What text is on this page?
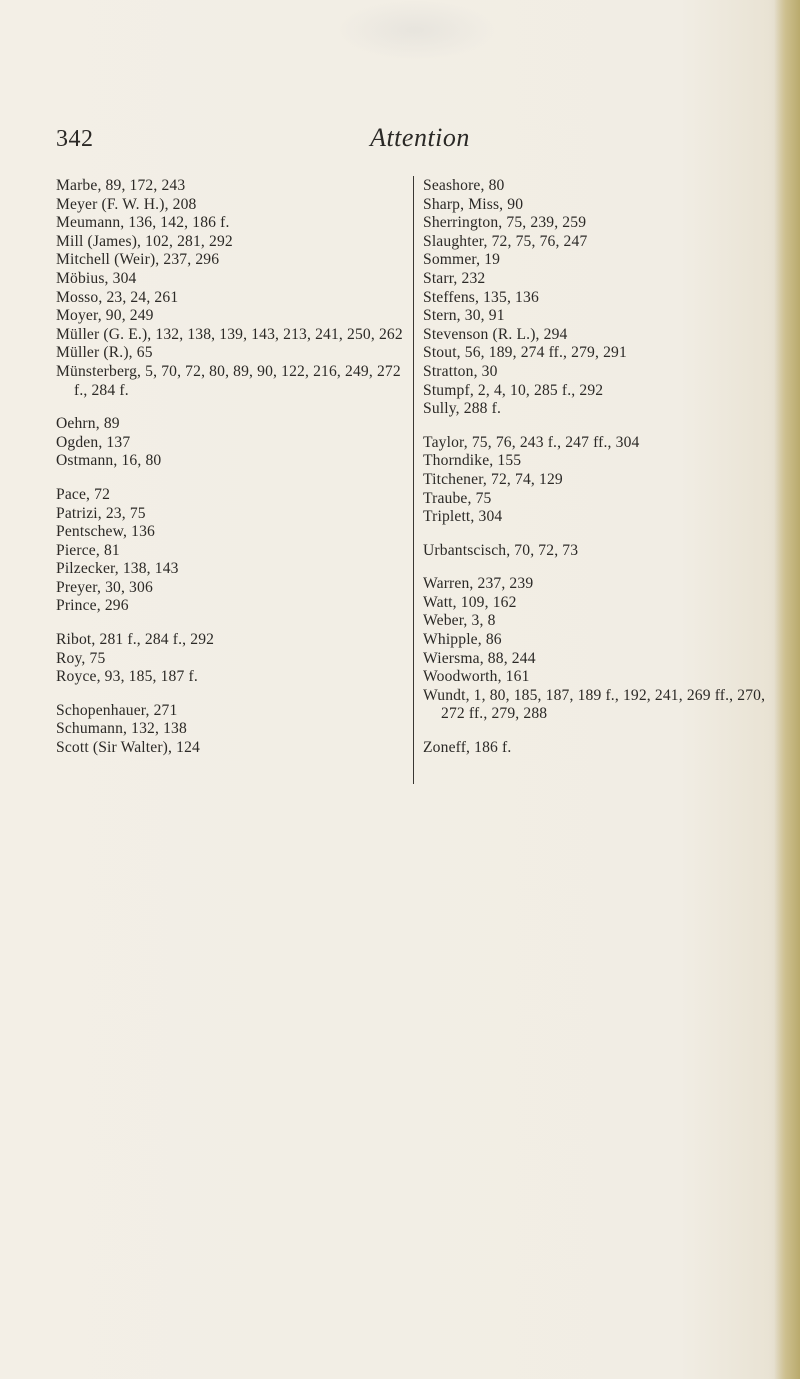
342	Attention
Marbe, 89, 172, 243
Meyer (F. W. H.), 208
Meumann, 136, 142, 186 f.
Mill (James), 102, 281, 292
Mitchell (Weir), 237, 296
Möbius, 304
Mosso, 23, 24, 261
Moyer, 90, 249
Müller (G. E.), 132, 138, 139, 143, 213, 241, 250, 262
Müller (R.), 65
Münsterberg, 5, 70, 72, 80, 89, 90, 122, 216, 249, 272 f., 284 f.
Oehrn, 89
Ogden, 137
Ostmann, 16, 80
Pace, 72
Patrizi, 23, 75
Pentschew, 136
Pierce, 81
Pilzecker, 138, 143
Preyer, 30, 306
Prince, 296
Ribot, 281 f., 284 f., 292
Roy, 75
Royce, 93, 185, 187 f.
Schopenhauer, 271
Schumann, 132, 138
Scott (Sir Walter), 124
Seashore, 80
Sharp, Miss, 90
Sherrington, 75, 239, 259
Slaughter, 72, 75, 76, 247
Sommer, 19
Starr, 232
Steffens, 135, 136
Stern, 30, 91
Stevenson (R. L.), 294
Stout, 56, 189, 274 ff., 279, 291
Stratton, 30
Stumpf, 2, 4, 10, 285 f., 292
Sully, 288 f.
Taylor, 75, 76, 243 f., 247 ff., 304
Thorndike, 155
Titchener, 72, 74, 129
Traube, 75
Triplett, 304
Urbantscisch, 70, 72, 73
Warren, 237, 239
Watt, 109, 162
Weber, 3, 8
Whipple, 86
Wiersma, 88, 244
Woodworth, 161
Wundt, 1, 80, 185, 187, 189 f., 192, 241, 269 ff., 270, 272 ff., 279, 288
Zoneff, 186 f.
